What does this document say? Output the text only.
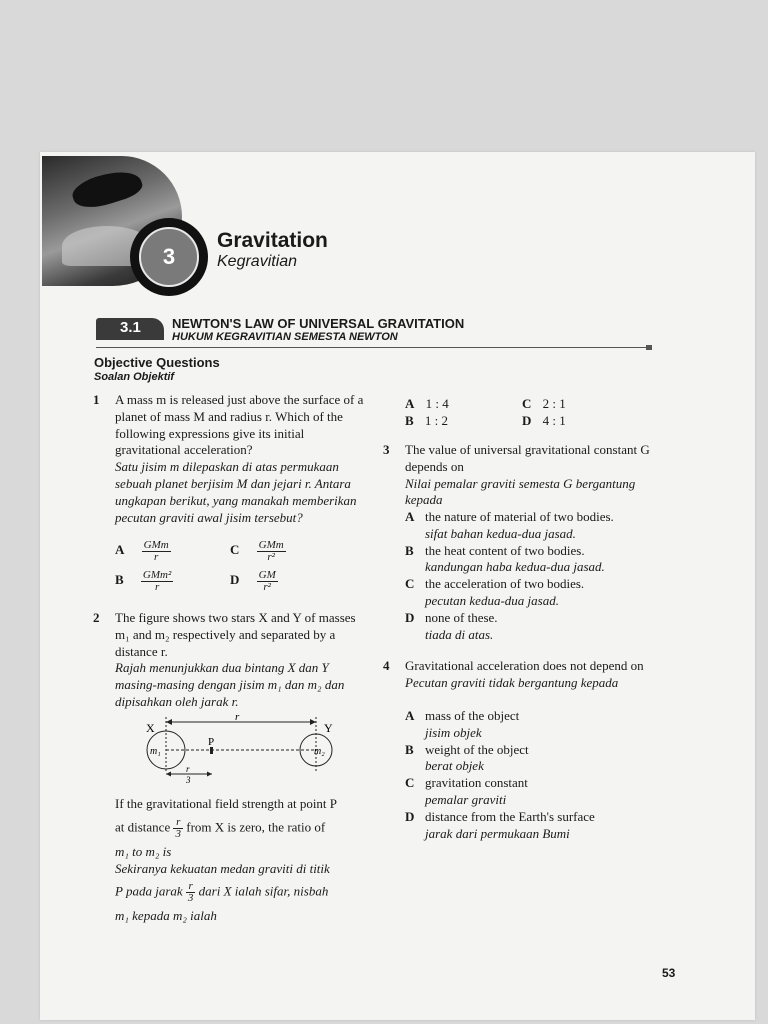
3
Gravitation
Kegravitian
3.1 NEWTON'S LAW OF UNIVERSAL GRAVITATION
HUKUM KEGRAVITIAN SEMESTA NEWTON
Objective Questions
Soalan Objektif
1 A mass m is released just above the surface of a planet of mass M and radius r. Which of the following expressions give its initial gravitational acceleration?
Satu jisim m dilepaskan di atas permukaan sebuah planet berjisim M dan jejari r. Antara ungkapan berikut, yang manakah memberikan pecutan graviti awal jisim tersebut?
A $\frac{\text{GMm}}{r}$	C $\frac{\text{GMm}}{\text{r²}}$
B $\frac{\text{GMm²}}{r}$	D $\frac{GM}{\text{r²}}$
2 The figure shows two stars X and Y of masses m₁ and m₂ respectively and separated by a distance r.
Rajah menunjukkan dua bintang X dan Y masing-masing dengan jisim m₁ dan m₂ dan dipisahkan oleh jarak r.
X	Y
r
P
m₁	m₂
r
3
If the gravitational field strength at point P
at distance $\frac{r}{3}$ from X is zero, the ratio of
m₁ to m₂ is
Sekiranya kekuatan medan graviti di titik
P pada jarak $\frac{r}{3}$ dari X ialah sifar, nisbah
m₁ kepada m₂ ialah
A 1 : 4	C 2 : 1
B 1 : 2	D 4 : 1
3 The value of universal gravitational constant G depends on
Nilai pemalar graviti semesta G bergantung kepada
A the nature of material of two bodies.
sifat bahan kedua-dua jasad.
B the heat content of two bodies.
kandungan haba kedua-dua jasad.
C the acceleration of two bodies.
pecutan kedua-dua jasad.
D none of these.
tiada di atas.
4 Gravitational acceleration does not depend on
Pecutan graviti tidak bergantung kepada
A mass of the object
jisim objek
B weight of the object
berat objek
C gravitation constant
pemalar graviti
D distance from the Earth's surface
jarak dari permukaan Bumi
53
